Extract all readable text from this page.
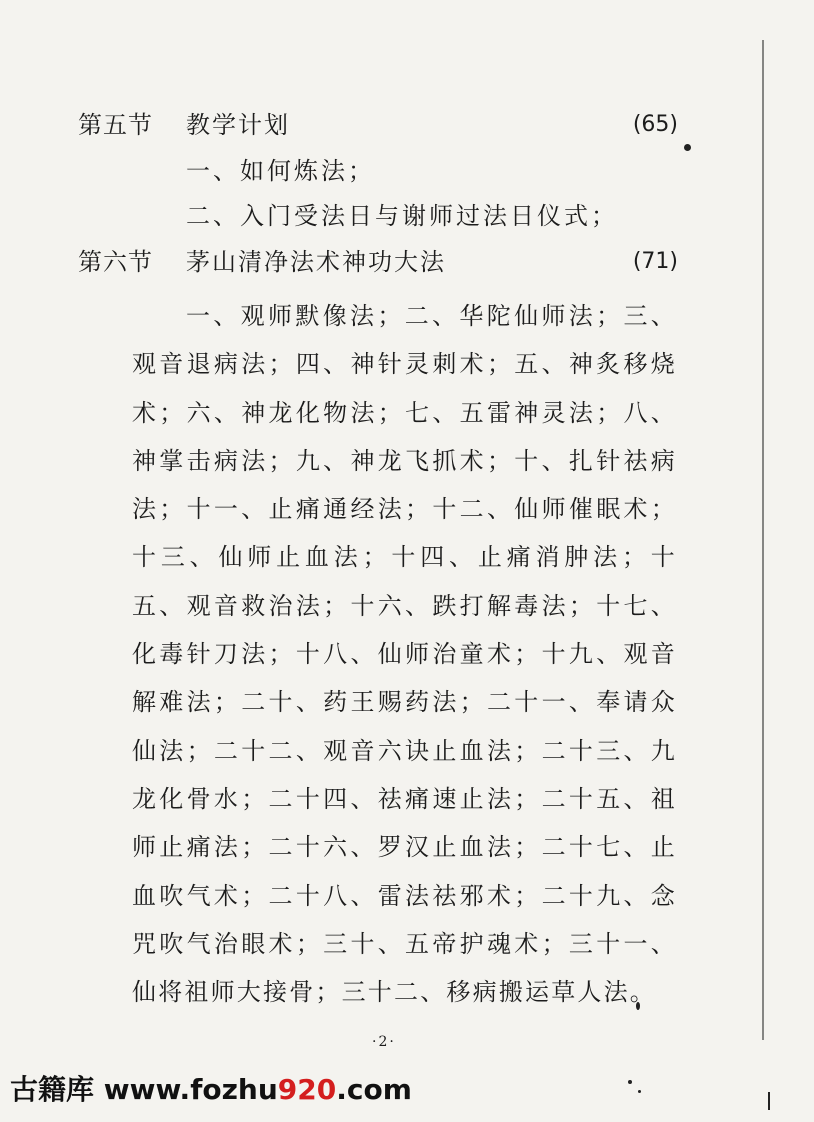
第五节 教学计划	(65)
一、如何炼法；
二、入门受法日与谢师过法日仪式；
第六节 茅山清净法术神功大法	(71)
一、观师默像法；二、华陀仙师法；三、观音退病法；四、神针灵刺术；五、神炙移烧术；六、神龙化物法；七、五雷神灵法；八、神掌击病法；九、神龙飞抓术；十、扎针祛病法；十一、止痛通经法；十二、仙师催眠术；十三、仙师止血法；十四、止痛消肿法；十五、观音救治法；十六、跌打解毒法；十七、化毒针刀法；十八、仙师治童术；十九、观音解难法；二十、药王赐药法；二十一、奉请众仙法；二十二、观音六诀止血法；二十三、九龙化骨水；二十四、祛痛速止法；二十五、祖师止痛法；二十六、罗汉止血法；二十七、止血吹气术；二十八、雷法祛邪术；二十九、念咒吹气治眼术；三十、五帝护魂术；三十一、仙将祖师大接骨；三十二、移病搬运草人法。
·2·
古籍库 www.fozhu920.com
